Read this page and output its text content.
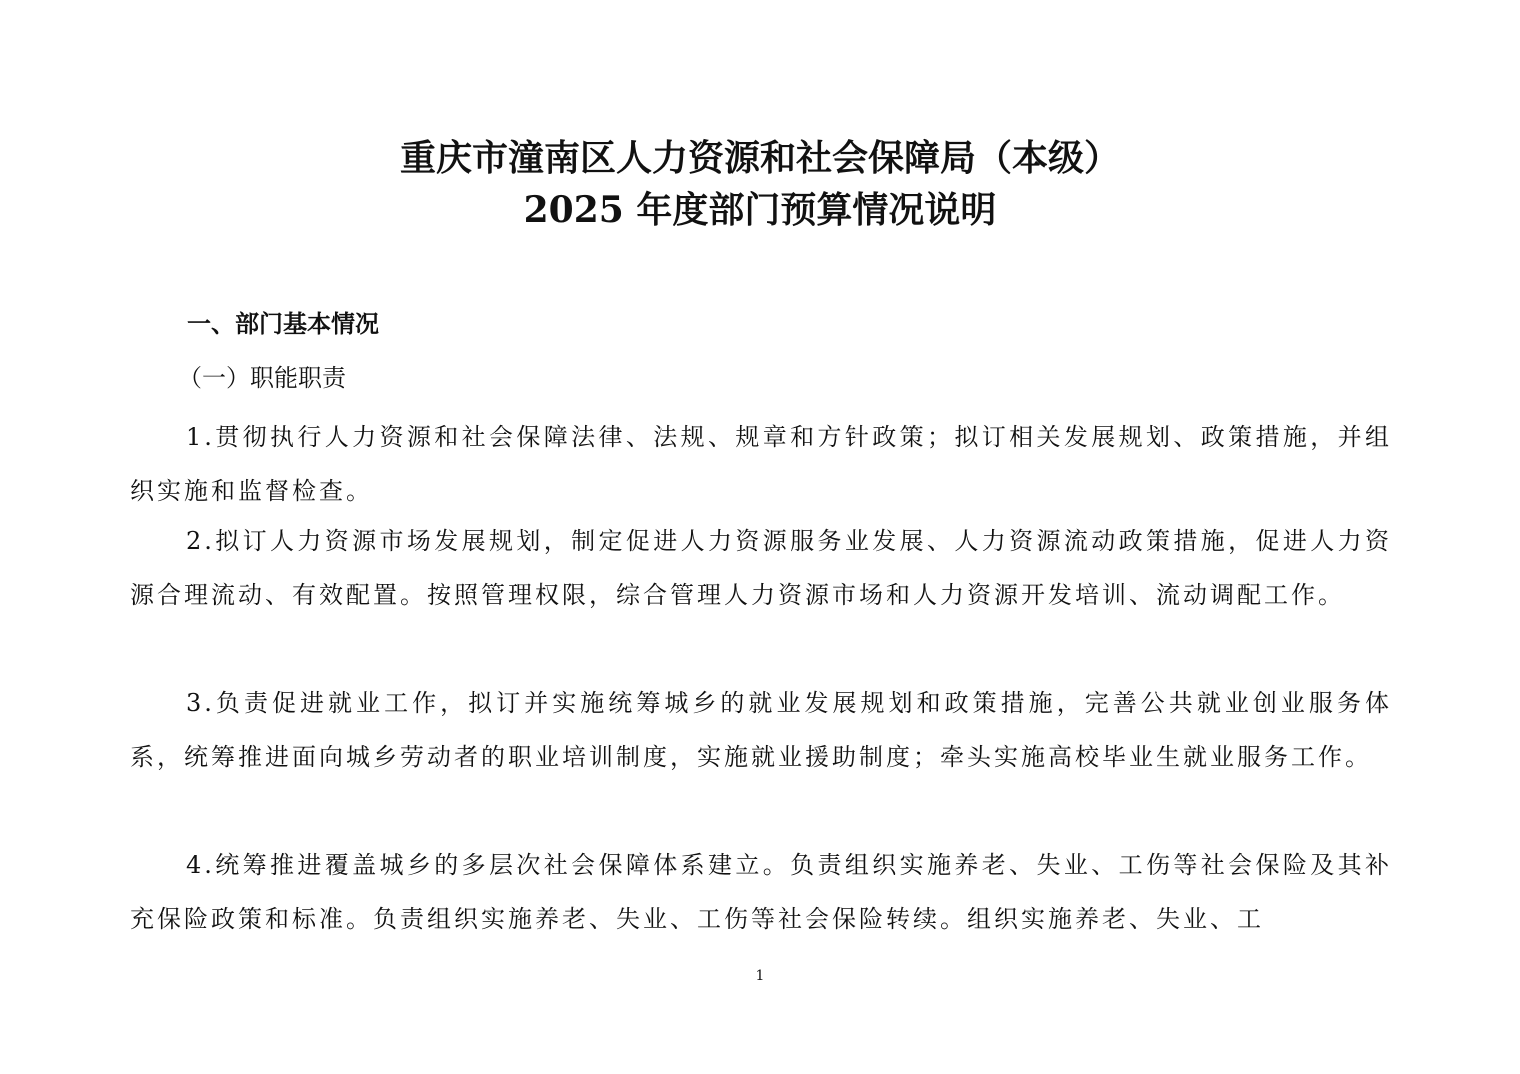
重庆市潼南区人力资源和社会保障局（本级）
2025 年度部门预算情况说明
一、部门基本情况
（一）职能职责

1.贯彻执行人力资源和社会保障法律、法规、规章和方针政策；拟订相关发展规划、政策措施，并组织实施和监督检查。

2.拟订人力资源市场发展规划，制定促进人力资源服务业发展、人力资源流动政策措施，促进人力资源合理流动、有效配置。按照管理权限，综合管理人力资源市场和人力资源开发培训、流动调配工作。

3.负责促进就业工作，拟订并实施统筹城乡的就业发展规划和政策措施，完善公共就业创业服务体系，统筹推进面向城乡劳动者的职业培训制度，实施就业援助制度；牵头实施高校毕业生就业服务工作。

4.统筹推进覆盖城乡的多层次社会保障体系建立。负责组织实施养老、失业、工伤等社会保险及其补充保险政策和标准。负责组织实施养老、失业、工伤等社会保险转续。组织实施养老、失业、工

1
